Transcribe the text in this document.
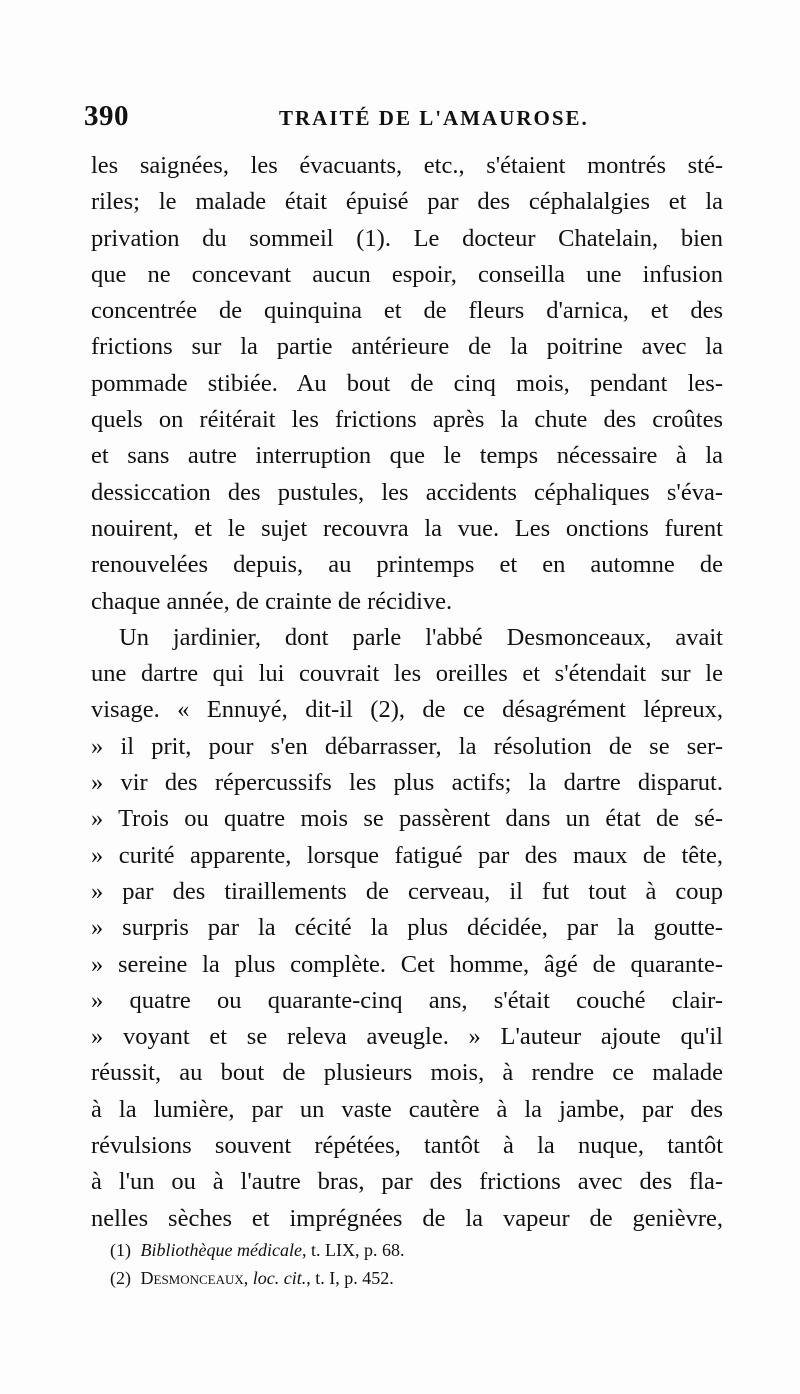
390	TRAITÉ DE L'AMAUROSE.
les saignées, les évacuants, etc., s'étaient montrés sté-
riles; le malade était épuisé par des céphalalgies et la
privation du sommeil (1). Le docteur Chatelain, bien
que ne concevant aucun espoir, conseilla une infusion
concentrée de quinquina et de fleurs d'arnica, et des
frictions sur la partie antérieure de la poitrine avec la
pommade stibiée. Au bout de cinq mois, pendant les-
quels on réitérait les frictions après la chute des croûtes
et sans autre interruption que le temps nécessaire à la
dessiccation des pustules, les accidents céphaliques s'éva-
nouirent, et le sujet recouvra la vue. Les onctions furent
renouvelées depuis, au printemps et en automne de
chaque année, de crainte de récidive.
Un jardinier, dont parle l'abbé Desmonceaux, avait
une dartre qui lui couvrait les oreilles et s'étendait sur le
visage. « Ennuyé, dit-il (2), de ce désagrément lépreux,
» il prit, pour s'en débarrasser, la résolution de se ser-
» vir des répercussifs les plus actifs; la dartre disparut.
» Trois ou quatre mois se passèrent dans un état de sé-
» curité apparente, lorsque fatigué par des maux de tête,
» par des tiraillements de cerveau, il fut tout à coup
» surpris par la cécité la plus décidée, par la goutte-
» sereine la plus complète. Cet homme, âgé de quarante-
» quatre ou quarante-cinq ans, s'était couché clair-
» voyant et se releva aveugle. » L'auteur ajoute qu'il
réussit, au bout de plusieurs mois, à rendre ce malade
à la lumière, par un vaste cautère à la jambe, par des
révulsions souvent répétées, tantôt à la nuque, tantôt
à l'un ou à l'autre bras, par des frictions avec des fla-
nelles sèches et imprégnées de la vapeur de genièvre,
(1) Bibliothèque médicale, t. LIX, p. 68.
(2) Desmonceaux, loc. cit., t. I, p. 452.
